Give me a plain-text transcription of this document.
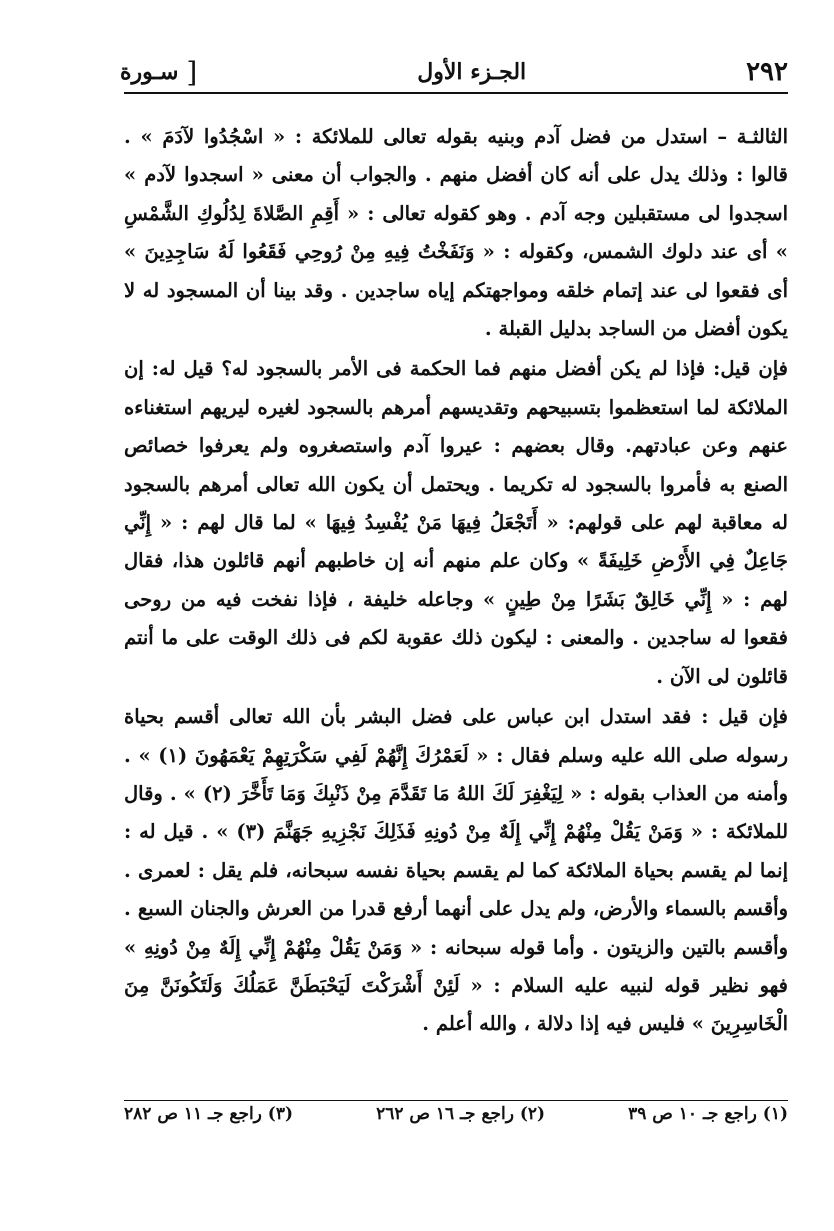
٢٩٢
الجـزء الأول
[
سـورة

الثالثـة – استدل من فضل آدم وبنيه بقوله تعالى للملائكة : « اسْجُدُوا لآدَمَ » . قالوا : وذلك يدل على أنه كان أفضل منهم . والجواب أن معنى « اسجدوا لآدم » اسجدوا لى مستقبلين وجه آدم . وهو كقوله تعالى : « أَقِمِ الصَّلاةَ لِدُلُوكِ الشَّمْسِ » أى عند دلوك الشمس، وكقوله : « وَنَفَخْتُ فِيهِ مِنْ رُوحِي فَقَعُوا لَهُ سَاجِدِينَ » أى فقعوا لى عند إتمام خلقه ومواجهتكم إياه ساجدين . وقد بينا أن المسجود له لا يكون أفضل من الساجد بدليل القبلة .

فإن قيل: فإذا لم يكن أفضل منهم فما الحكمة فى الأمر بالسجود له؟ قيل له: إن الملائكة لما استعظموا بتسبيحهم وتقديسهم أمرهم بالسجود لغيره ليريهم استغناءه عنهم وعن عبادتهم. وقال بعضهم : عيروا آدم واستصغروه ولم يعرفوا خصائص الصنع به فأمروا بالسجود له تكريما . ويحتمل أن يكون الله تعالى أمرهم بالسجود له معاقبة لهم على قولهم: « أَتَجْعَلُ فِيهَا مَنْ يُفْسِدُ فِيهَا » لما قال لهم : « إِنِّي جَاعِلٌ فِي الأَرْضِ خَلِيفَةً » وكان علم منهم أنه إن خاطبهم أنهم قائلون هذا، فقال لهم : « إِنِّي خَالِقٌ بَشَرًا مِنْ طِينٍ » وجاعله خليفة ، فإذا نفخت فيه من روحى فقعوا له ساجدين . والمعنى : ليكون ذلك عقوبة لكم فى ذلك الوقت على ما أنتم قائلون لى الآن .

فإن قيل : فقد استدل ابن عباس على فضل البشر بأن الله تعالى أقسم بحياة رسوله صلى الله عليه وسلم فقال : « لَعَمْرُكَ إِنَّهُمْ لَفِي سَكْرَتِهِمْ يَعْمَهُونَ (١) » . وأمنه من العذاب بقوله : « لِيَغْفِرَ لَكَ اللهُ مَا تَقَدَّمَ مِنْ ذَنْبِكَ وَمَا تَأَخَّرَ (٢) » . وقال للملائكة : « وَمَنْ يَقُلْ مِنْهُمْ إِنِّي إِلَهٌ مِنْ دُونِهِ فَذَلِكَ نَجْزِيهِ جَهَنَّمَ (٣) » . قيل له : إنما لم يقسم بحياة الملائكة كما لم يقسم بحياة نفسه سبحانه، فلم يقل : لعمرى . وأقسم بالسماء والأرض، ولم يدل على أنهما أرفع قدرا من العرش والجنان السبع . وأقسم بالتين والزيتون . وأما قوله سبحانه : « وَمَنْ يَقُلْ مِنْهُمْ إِنِّي إِلَهٌ مِنْ دُونِهِ » فهو نظير قوله لنبيه عليه السلام : « لَئِنْ أَشْرَكْتَ لَيَحْبَطَنَّ عَمَلُكَ وَلَتَكُونَنَّ مِنَ الْخَاسِرِينَ » فليس فيه إذا دلالة ، والله أعلم .

(١) راجع جـ ١٠ ص ٣٩
(٢) راجع جـ ١٦ ص ٢٦٢
(٣) راجع جـ ١١ ص ٢٨٢
